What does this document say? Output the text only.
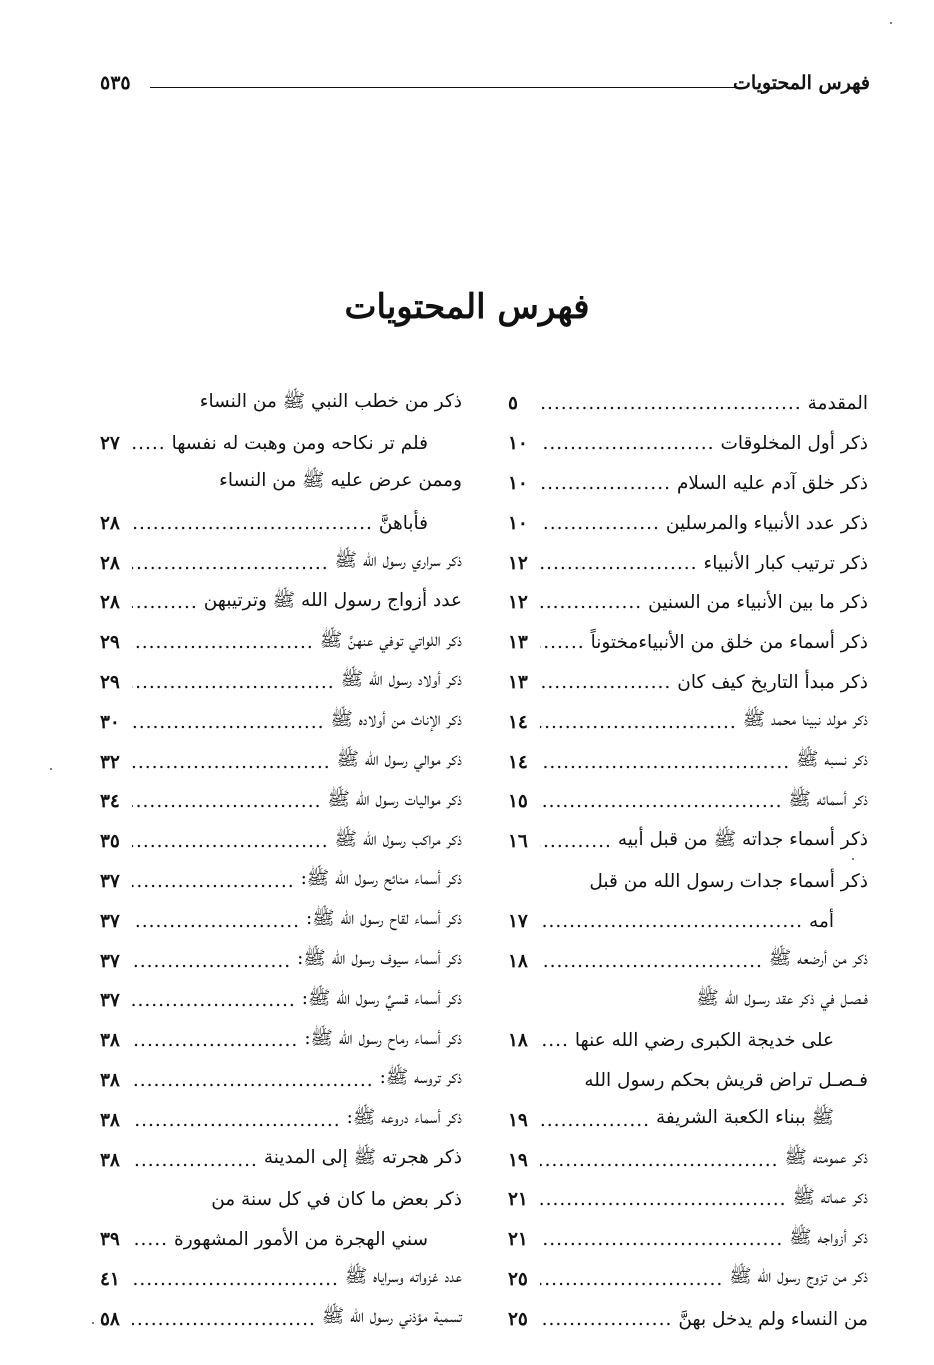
فهرس المحتويات
٥٣٥
فهرس المحتويات
المقدمة
.....
٥
ذكر أول المخلوقات
.....
١٠
ذكر خلق آدم عليه السلام
.....
١٠
ذكر عدد الأنبياء والمرسلين
.....
١٠
ذكر ترتيب كبار الأنبياء
.....
١٢
ذكر ما بين الأنبياء من السنين
.....
١٢
ذكر أسماء من خلق من الأنبياءمختوناً
.....
١٣
ذكر مبدأ التاريخ كيف كان
.....
١٣
ذكر مولد نبينا محمد ﷺ
.....
١٤
ذكر نسبه ﷺ
.....
١٤
ذكر أسمائه ﷺ
.....
١٥
ذكر أسماء جداته ﷺ من قبل أبيه
.....
١٦
ذكر أسماء جدات رسول الله من قبل
أمه
.....
١٧
ذكر من أرضعه ﷺ
.....
١٨
فـصـل في ذكر عقد رسـول الله ﷺ
على خديجة الكبرى رضي الله عنها
.....
١٨
فـصـل تراض قريش بحكم رسول الله
ﷺ ببناء الكعبة الشريفة
.....
١٩
ذكر عمومته ﷺ
.....
١٩
ذكر عماته ﷺ
.....
٢١
ذكر أزواجه ﷺ
.....
٢١
ذكر من تزوج رسول الله ﷺ
.....
٢٥
من النساء ولم يدخل بهنَّ
.....
٢٥
ذكر من خطب النبي ﷺ من النساء
فلم تر نكاحه ومن وهبت له نفسها
.....
٢٧
وممن عرض عليه ﷺ من النساء
فأباهنَّ
.....
٢٨
ذكر سراري رسول الله ﷺ
.....
٢٨
عدد أزواج رسول الله ﷺ وترتيبهن
.....
٢٨
ذكر اللواتي توفي عنهنَّ ﷺ
.....
٢٩
ذكر أولاد رسول الله ﷺ
.....
٢٩
ذكر الإناث من أولاده ﷺ
.....
٣٠
ذكر موالي رسول الله ﷺ
.....
٣٢
ذكر مواليات رسول الله ﷺ
.....
٣٤
ذكر مراكب رسول الله ﷺ
.....
٣٥
ذكر أسماء منائح رسول الله ﷺ:
.....
٣٧
ذكر أسماء لقاح رسول الله ﷺ:
.....
٣٧
ذكر أسماء سيوف رسول الله ﷺ:
.....
٣٧
ذكر أسماء قسيِّ رسول الله ﷺ:
.....
٣٧
ذكر أسماء رماح رسول الله ﷺ:
.....
٣٨
ذكر تروسه ﷺ:
.....
٣٨
ذكر أسماء دروعه ﷺ:
.....
٣٨
ذكر هجرته ﷺ إلى المدينة
.....
٣٨
ذكر بعض ما كان في كل سنة من
سني الهجرة من الأمور المشهورة
.....
٣٩
عدد غزواته وسراياه ﷺ
.....
٤١
تسمية مؤذني رسول الله ﷺ
.....
٥٨
